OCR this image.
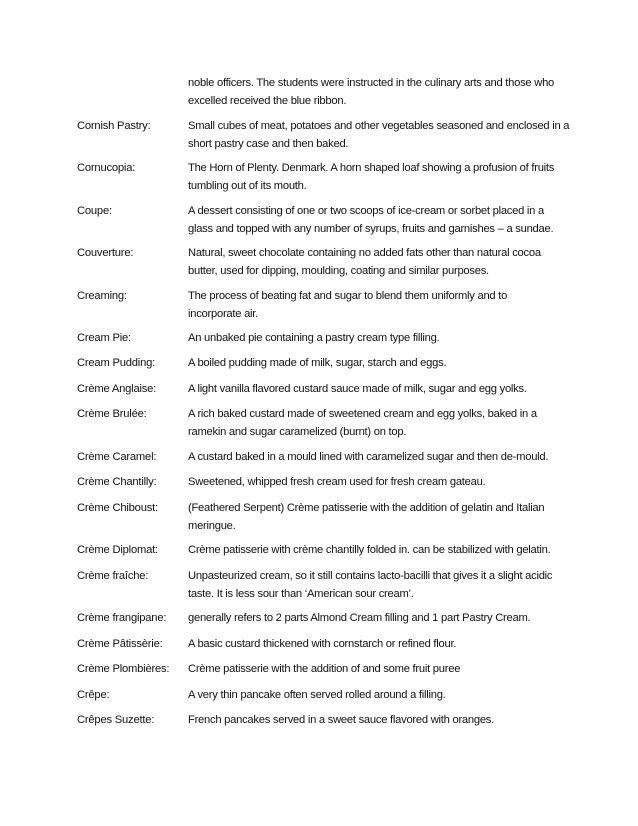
noble officers. The students were instructed in the culinary arts and those who
excelled received the blue ribbon.
Cornish Pastry:	Small cubes of meat, potatoes and other vegetables seasoned and enclosed in a
short pastry case and then baked.
Cornucopia:	The Horn of Plenty. Denmark. A horn shaped loaf showing a profusion of fruits
tumbling out of its mouth.
Coupe:	A dessert consisting of one or two scoops of ice-cream or sorbet placed in a
glass and topped with any number of syrups, fruits and garnishes – a sundae.
Couverture:	Natural, sweet chocolate containing no added fats other than natural cocoa
butter, used for dipping, moulding, coating and similar purposes.
Creaming:	The process of beating fat and sugar to blend them uniformly and to
incorporate air.
Cream Pie:	An unbaked pie containing a pastry cream type filling.
Cream Pudding:	A boiled pudding made of milk, sugar, starch and eggs.
Crème Anglaise:	A light vanilla flavored custard sauce made of milk, sugar and egg yolks.
Crème Brulée:	A rich baked custard made of sweetened cream and egg yolks, baked in a
ramekin and sugar caramelized (burnt) on top.
Crème Caramel:	A custard baked in a mould lined with caramelized sugar and then de-mould.
Crème Chantilly:	Sweetened, whipped fresh cream used for fresh cream gateau.
Crème Chiboust:	(Feathered Serpent) Crème patisserie with the addition of gelatin and Italian
meringue.
Crème Diplomat:	Crème patisserie with crème chantilly folded in. can be stabilized with gelatin.
Crème fraîche:	Unpasteurized cream, so it still contains lacto-bacilli that gives it a slight acidic
taste. It is less sour than ‘American sour cream’.
Crème frangipane:	generally refers to 2 parts Almond Cream filling and 1 part Pastry Cream.
Crème Pâtissèrie:	A basic custard thickened with cornstarch or refined flour.
Crème Plombières:	Crème patisserie with the addition of and some fruit puree
Crêpe:	A very thin pancake often served rolled around a filling.
Crêpes Suzette:	French pancakes served in a sweet sauce flavored with oranges.
